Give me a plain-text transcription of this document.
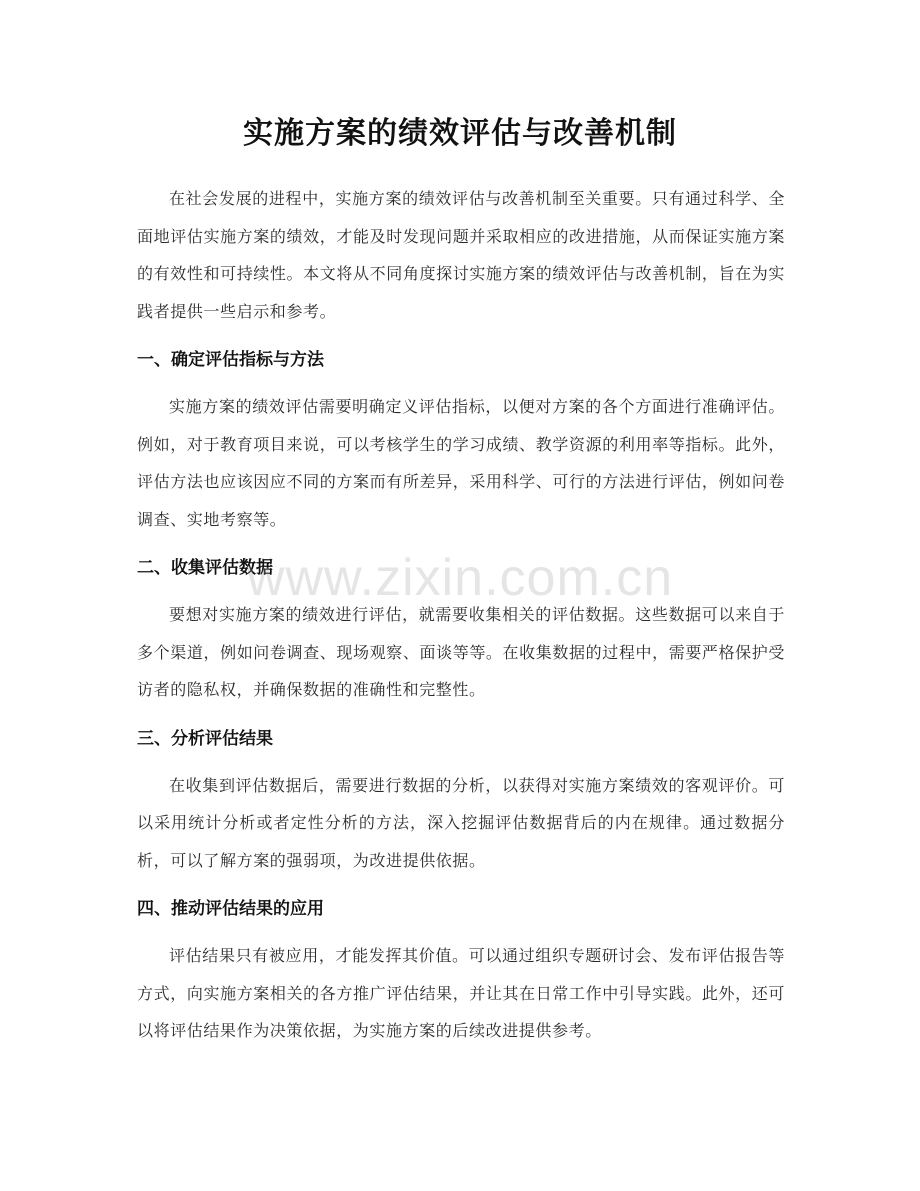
实施方案的绩效评估与改善机制

在社会发展的进程中，实施方案的绩效评估与改善机制至关重要。只有通过科学、全面地评估实施方案的绩效，才能及时发现问题并采取相应的改进措施，从而保证实施方案的有效性和可持续性。本文将从不同角度探讨实施方案的绩效评估与改善机制，旨在为实践者提供一些启示和参考。

一、确定评估指标与方法

实施方案的绩效评估需要明确定义评估指标，以便对方案的各个方面进行准确评估。例如，对于教育项目来说，可以考核学生的学习成绩、教学资源的利用率等指标。此外，评估方法也应该因应不同的方案而有所差异，采用科学、可行的方法进行评估，例如问卷调查、实地考察等。

二、收集评估数据

要想对实施方案的绩效进行评估，就需要收集相关的评估数据。这些数据可以来自于多个渠道，例如问卷调查、现场观察、面谈等等。在收集数据的过程中，需要严格保护受访者的隐私权，并确保数据的准确性和完整性。

三、分析评估结果

在收集到评估数据后，需要进行数据的分析，以获得对实施方案绩效的客观评价。可以采用统计分析或者定性分析的方法，深入挖掘评估数据背后的内在规律。通过数据分析，可以了解方案的强弱项，为改进提供依据。

四、推动评估结果的应用

评估结果只有被应用，才能发挥其价值。可以通过组织专题研讨会、发布评估报告等方式，向实施方案相关的各方推广评估结果，并让其在日常工作中引导实践。此外，还可以将评估结果作为决策依据，为实施方案的后续改进提供参考。

www.zixin.com.cn
